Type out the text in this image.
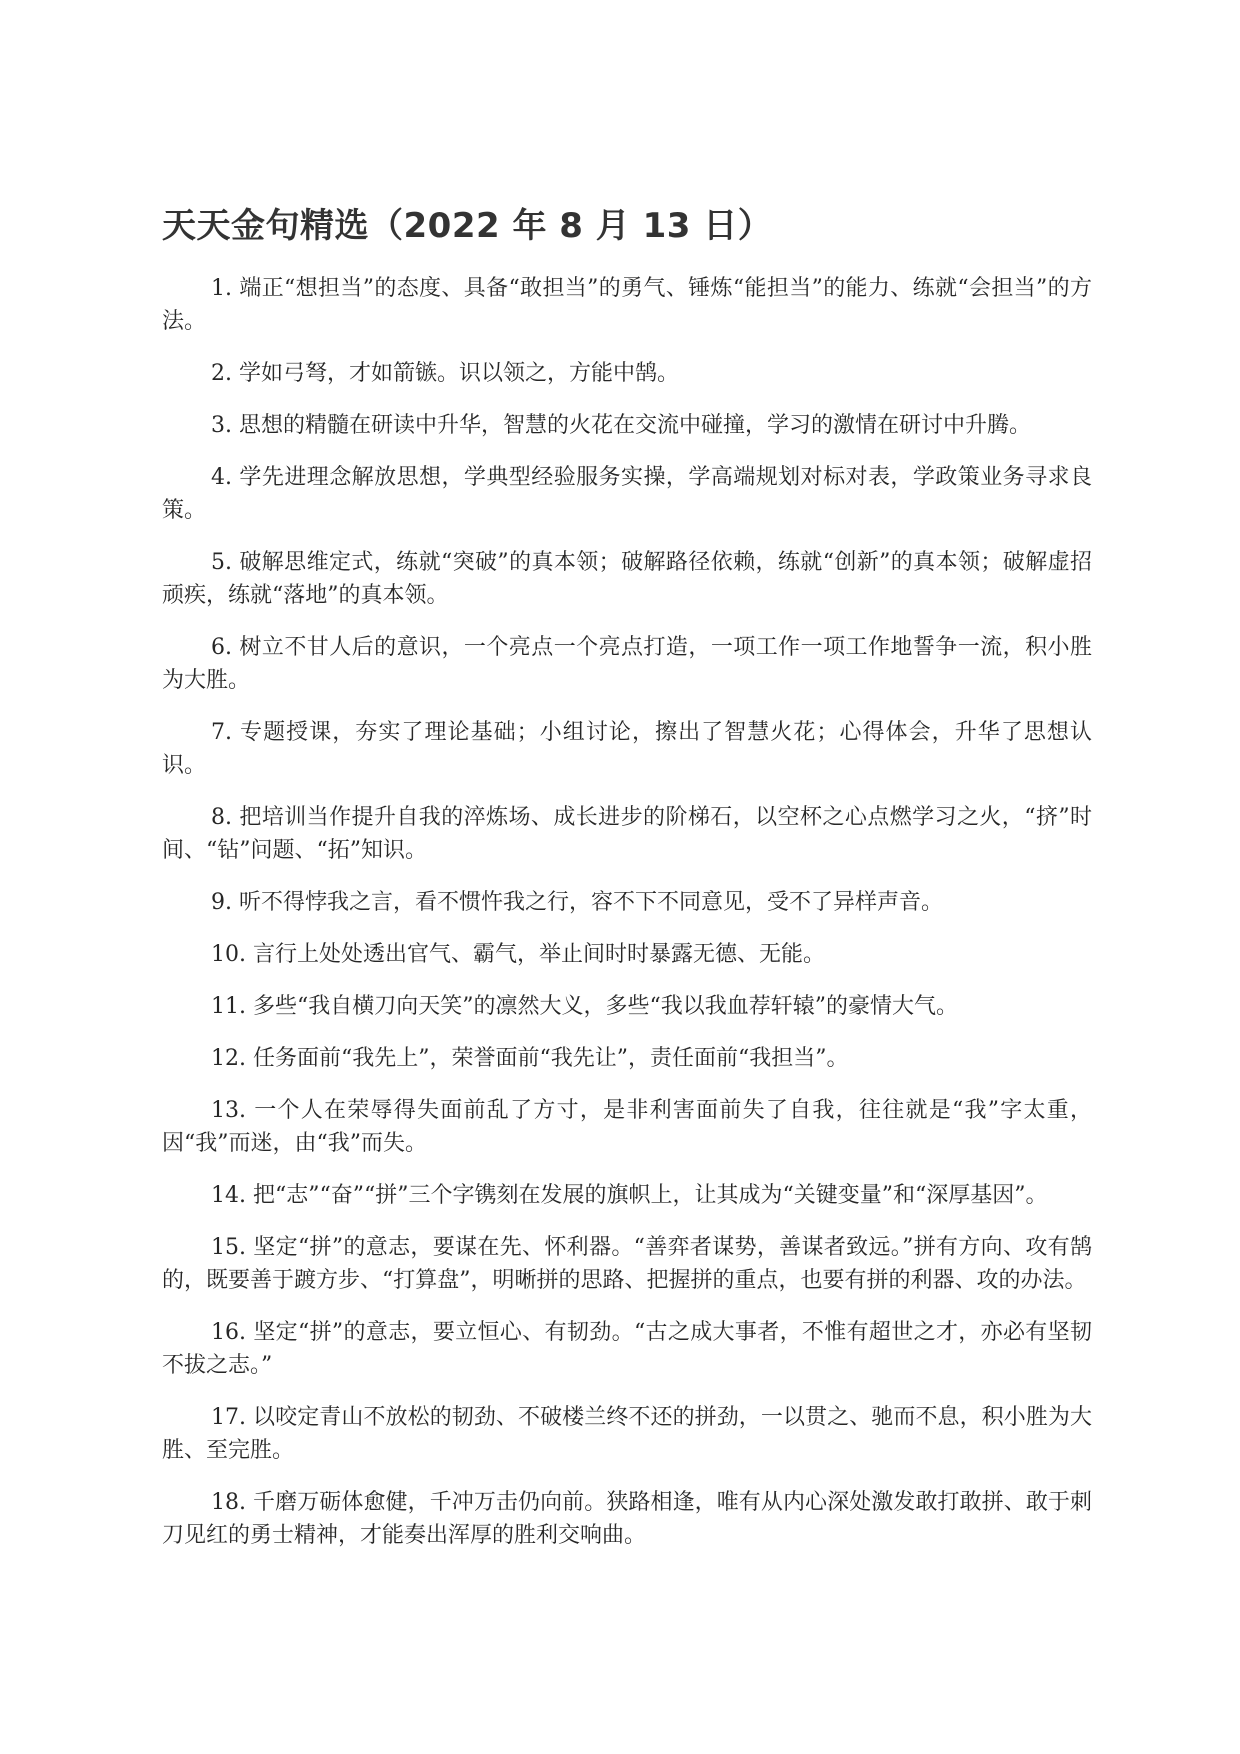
天天金句精选（2022 年 8 月 13 日）

1. 端正“想担当”的态度、具备“敢担当”的勇气、锤炼“能担当”的能力、练就“会担当”的方法。

2. 学如弓弩，才如箭镞。识以领之，方能中鹄。

3. 思想的精髓在研读中升华，智慧的火花在交流中碰撞，学习的激情在研讨中升腾。

4. 学先进理念解放思想，学典型经验服务实操，学高端规划对标对表，学政策业务寻求良策。

5. 破解思维定式，练就“突破”的真本领；破解路径依赖，练就“创新”的真本领；破解虚招顽疾，练就“落地”的真本领。

6. 树立不甘人后的意识，一个亮点一个亮点打造，一项工作一项工作地誓争一流，积小胜为大胜。

7. 专题授课，夯实了理论基础；小组讨论，擦出了智慧火花；心得体会，升华了思想认识。

8. 把培训当作提升自我的淬炼场、成长进步的阶梯石，以空杯之心点燃学习之火，“挤”时间、“钻”问题、“拓”知识。

9. 听不得悖我之言，看不惯忤我之行，容不下不同意见，受不了异样声音。

10. 言行上处处透出官气、霸气，举止间时时暴露无德、无能。

11. 多些“我自横刀向天笑”的凛然大义，多些“我以我血荐轩辕”的豪情大气。

12. 任务面前“我先上”，荣誉面前“我先让”，责任面前“我担当”。

13. 一个人在荣辱得失面前乱了方寸，是非利害面前失了自我，往往就是“我”字太重，因“我”而迷，由“我”而失。

14. 把“志”“奋”“拼”三个字镌刻在发展的旗帜上，让其成为“关键变量”和“深厚基因”。

15. 坚定“拼”的意志，要谋在先、怀利器。“善弈者谋势，善谋者致远。”拼有方向、攻有鹄的，既要善于踱方步、“打算盘”，明晰拼的思路、把握拼的重点，也要有拼的利器、攻的办法。

16. 坚定“拼”的意志，要立恒心、有韧劲。“古之成大事者，不惟有超世之才，亦必有坚韧不拔之志。”

17. 以咬定青山不放松的韧劲、不破楼兰终不还的拼劲，一以贯之、驰而不息，积小胜为大胜、至完胜。

18. 千磨万砺体愈健，千冲万击仍向前。狭路相逢，唯有从内心深处激发敢打敢拼、敢于刺刀见红的勇士精神，才能奏出浑厚的胜利交响曲。
